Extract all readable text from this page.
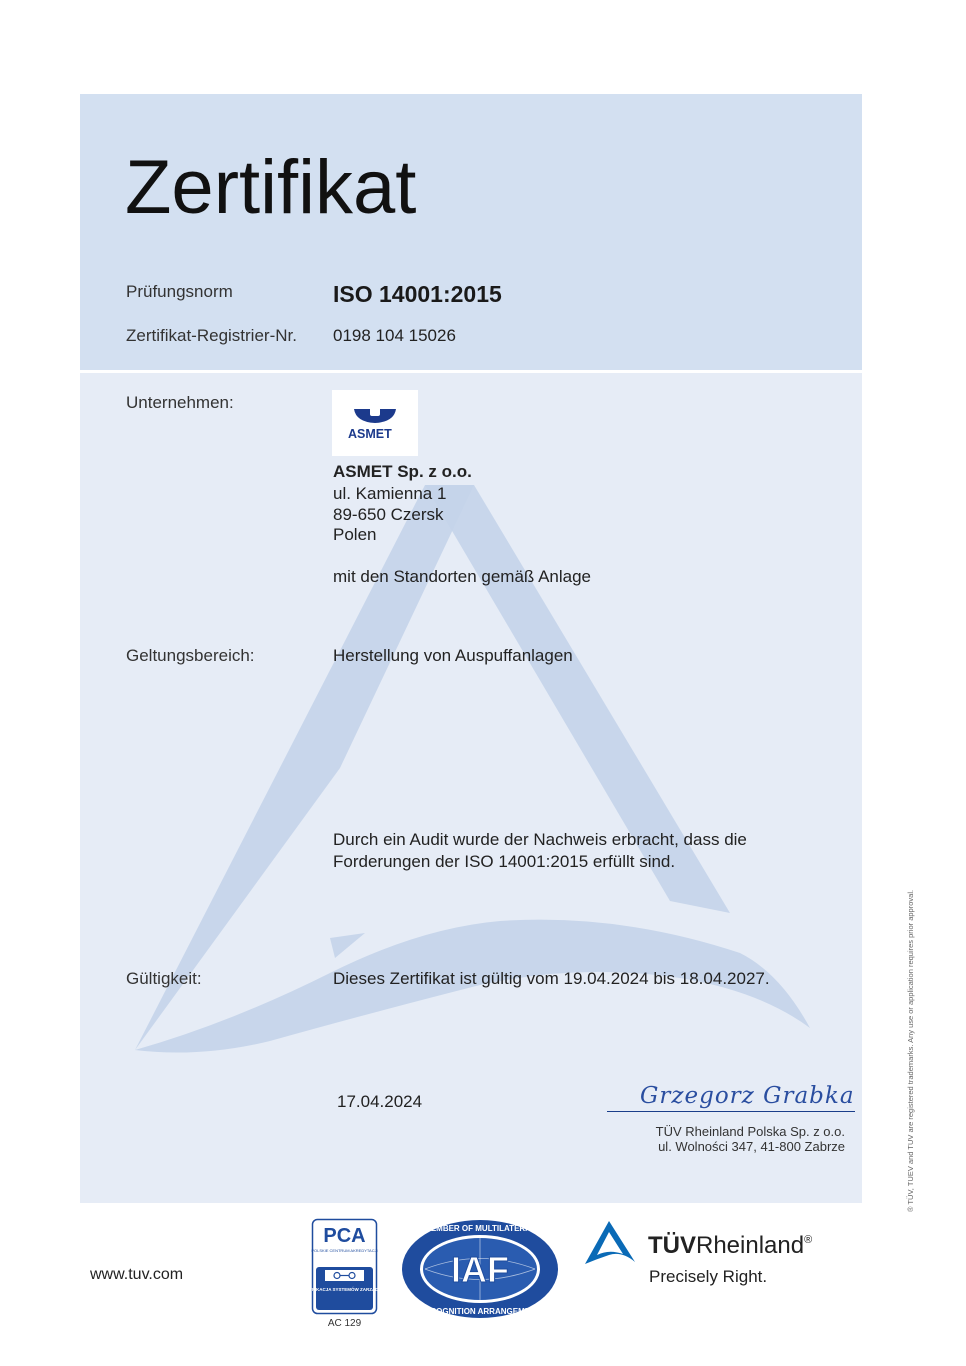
Zertifikat
Prüfungsnorm	ISO 14001:2015
Zertifikat-Registrier-Nr. 0198 104 15026
Unternehmen:
ASMET
ASMET Sp. z o.o.
ul. Kamienna 1
89-650 Czersk
Polen
mit den Standorten gemäß Anlage
Geltungsbereich:	Herstellung von Auspuffanlagen
Durch ein Audit wurde der Nachweis erbracht, dass die
Forderungen der ISO 14001:2015 erfüllt sind.
Gültigkeit:	Dieses Zertifikat ist gültig vom 19.04.2024 bis 18.04.2027.
17.04.2024	Grzegorz Grabka
TÜV Rheinland Polska Sp. z o.o.
ul. Wolności 347, 41-800 Zabrze	® TÜV, TUEV and TUV are registered trademarks. Any use or application requires prior approval.
www.tuv.com
PCA
POLSKIE CENTRUM AKREDYTACJI
CERTYFIKACJA SYSTEMÓW ZARZĄDZANIA
AC 129
IAF
MEMBER OF MULTILATERAL
RECOGNITION ARRANGEMENT
TÜVRheinland®
Precisely Right.
